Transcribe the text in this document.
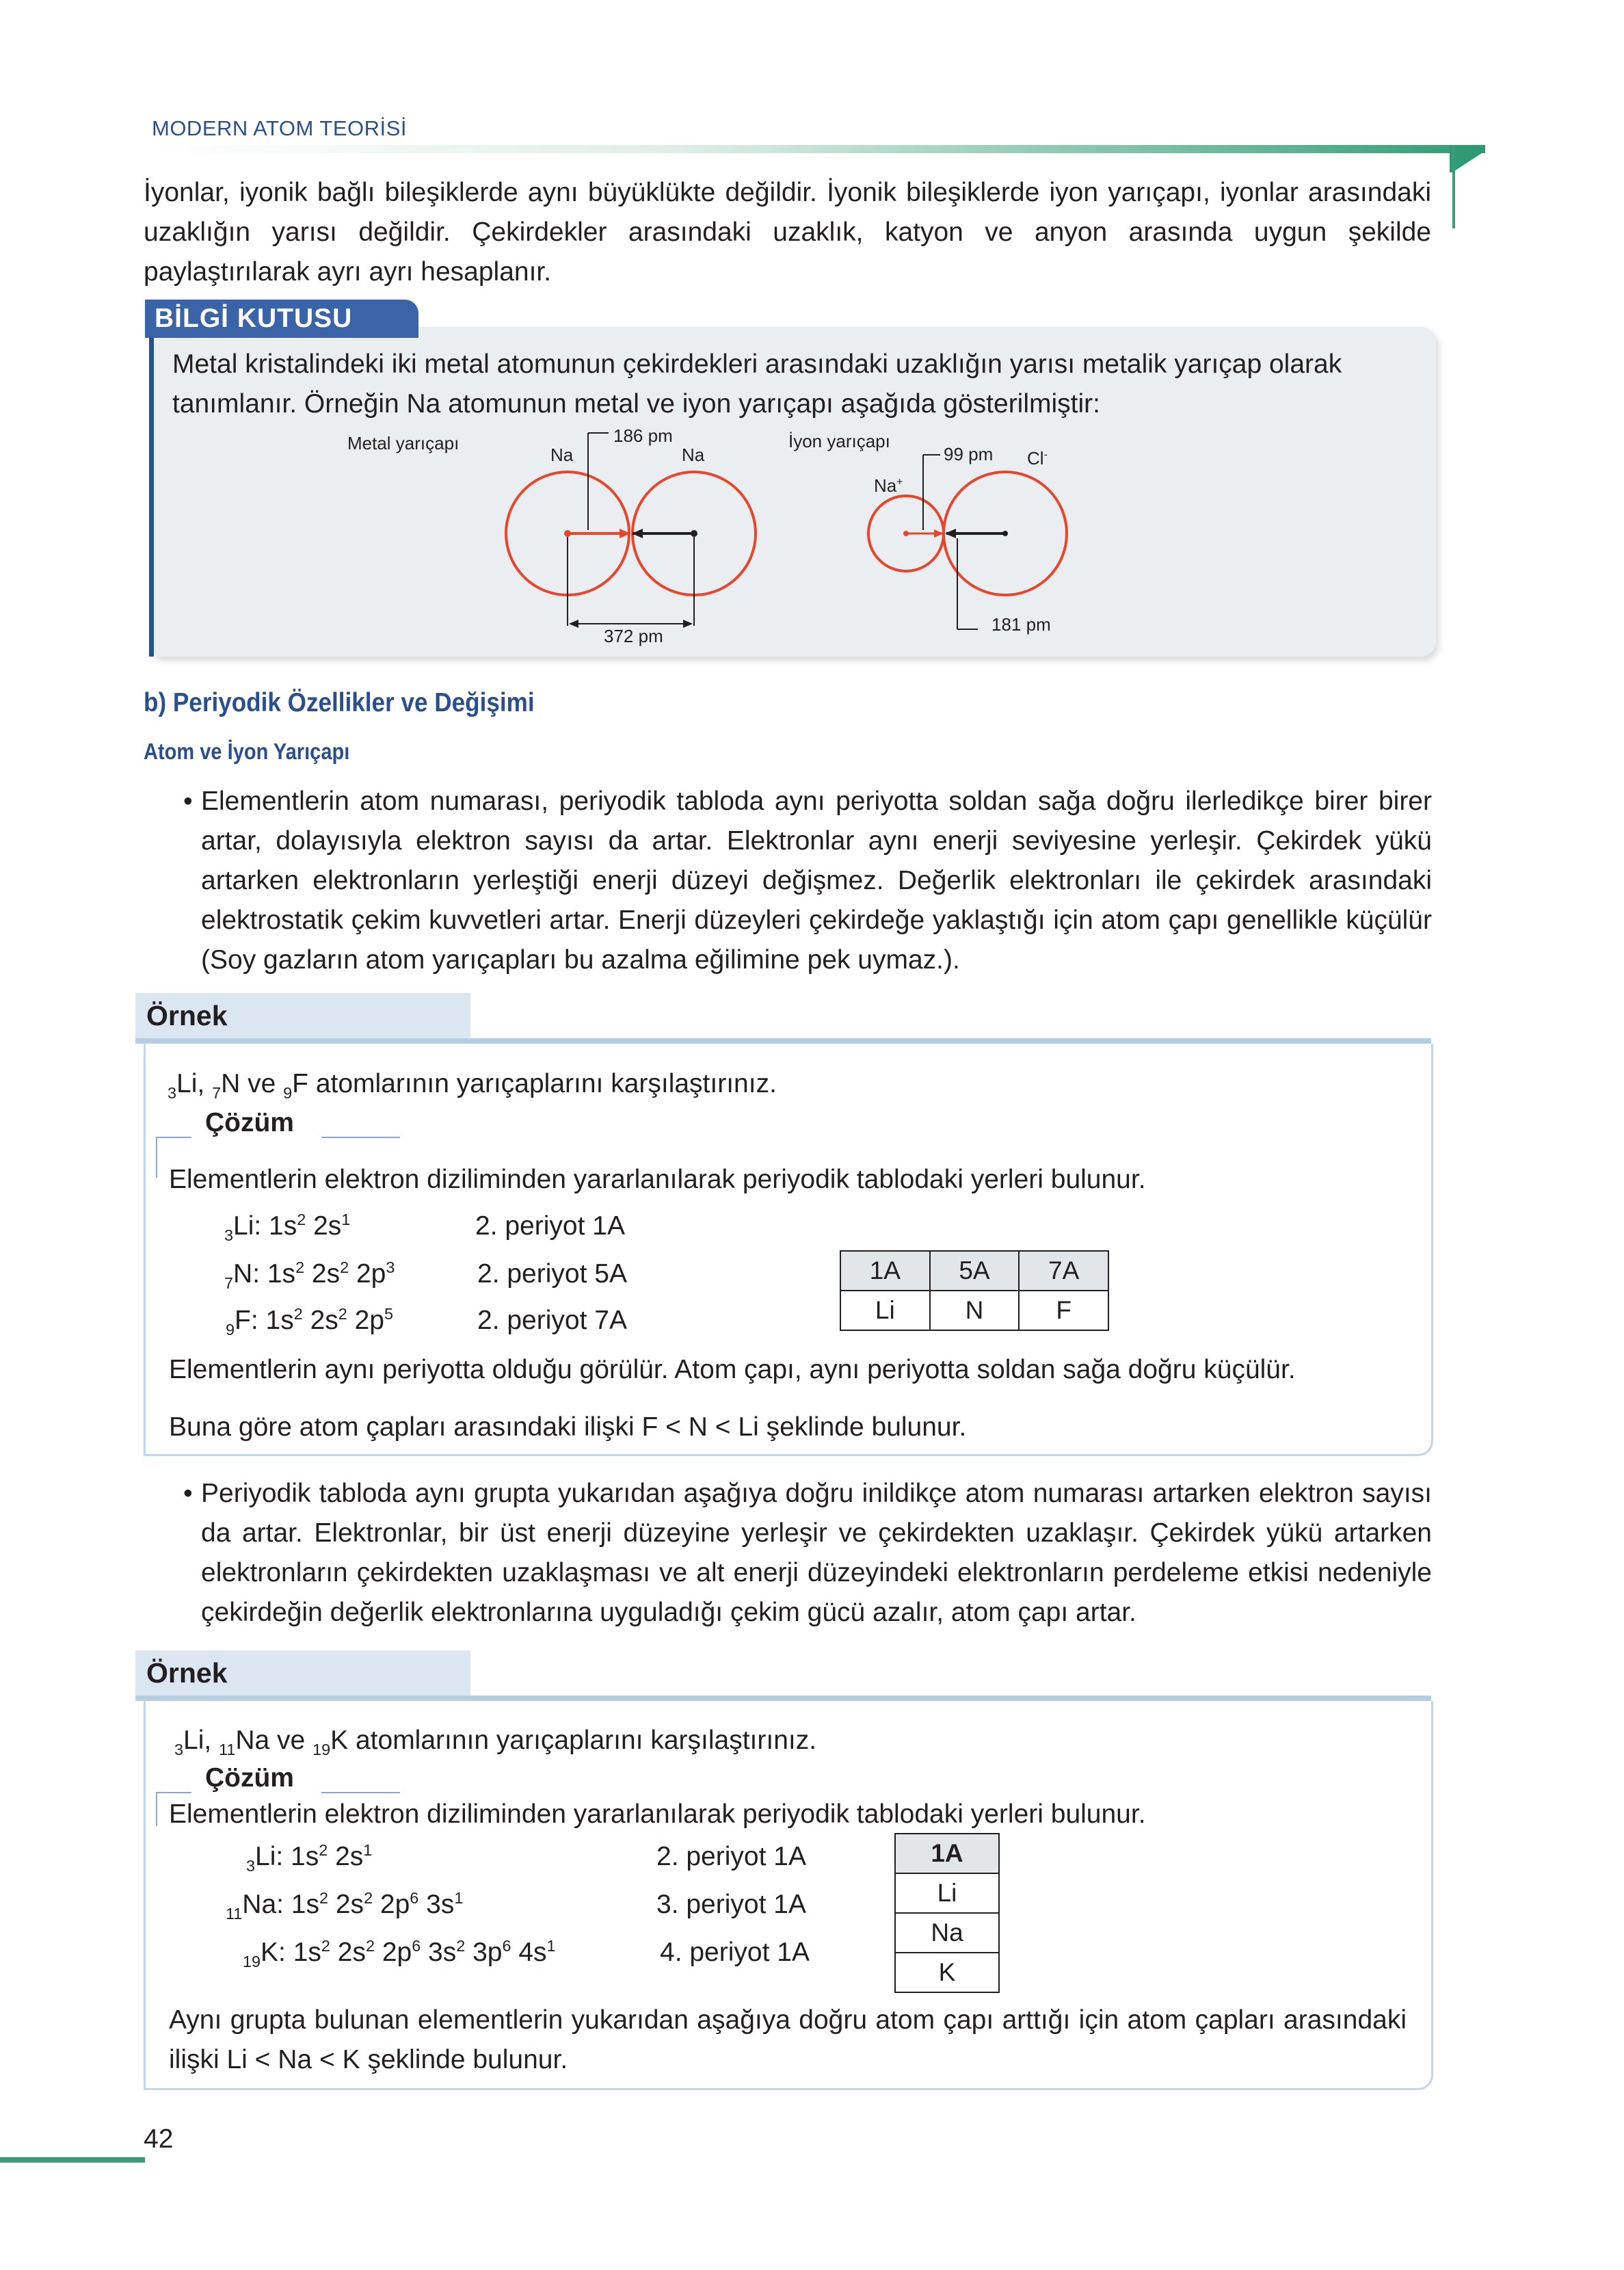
MODERN ATOM TEORİSİ

İyonlar, iyonik bağlı bileşiklerde aynı büyüklükte değildir. İyonik bileşiklerde iyon yarıçapı, iyonlar arasındaki uzaklığın yarısı değildir. Çekirdekler arasındaki uzaklık, katyon ve anyon arasında uygun şekilde paylaştırılarak ayrı ayrı hesaplanır.

BİLGİ KUTUSU

Metal kristalindeki iki metal atomunun çekirdekleri arasındaki uzaklığın yarısı metalik yarıçap olarak tanımlanır. Örneğin Na atomunun metal ve iyon yarıçapı aşağıda gösterilmiştir:

Metal yarıçapı
Na	Na
186 pm
372 pm
İyon yarıçapı
Na+
Cl-
99 pm
181 pm
b) Periyodik Özellikler ve Değişimi
Atom ve İyon Yarıçapı
• Elementlerin atom numarası, periyodik tabloda aynı periyotta soldan sağa doğru ilerledikçe birer birer artar, dolayısıyla elektron sayısı da artar. Elektronlar aynı enerji seviyesine yerleşir. Çekirdek yükü artarken elektronların yerleştiği enerji düzeyi değişmez. Değerlik elektronları ile çekirdek arasındaki elektrostatik çekim kuvvetleri artar. Enerji düzeyleri çekirdeğe yaklaştığı için atom çapı genellikle küçülür (Soy gazların atom yarıçapları bu azalma eğilimine pek uymaz.).

Örnek
$_3$Li, $_7$N ve $_9$F atomlarının yarıçaplarını karşılaştırınız.
Çözüm
Elementlerin elektron diziliminden yararlanılarak periyodik tablodaki yerleri bulunur.
$_3$Li: $1s^2$ $2s^1$	2. periyot 1A
$_7$N: $1s^2$ $2s^2$ $2p^3$	2. periyot 5A
$_9$F: $1s^2$ $2s^2$ $2p^5$	2. periyot 7A
1A	5A	7A
Li	N	F
Elementlerin aynı periyotta olduğu görülür. Atom çapı, aynı periyotta soldan sağa doğru küçülür.
Buna göre atom çapları arasındaki ilişki F < N < Li şeklinde bulunur.
• Periyodik tabloda aynı grupta yukarıdan aşağıya doğru inildikçe atom numarası artarken elektron sayısı da artar. Elektronlar, bir üst enerji düzeyine yerleşir ve çekirdekten uzaklaşır. Çekirdek yükü artarken elektronların çekirdekten uzaklaşması ve alt enerji düzeyindeki elektronların perdeleme etkisi nedeniyle çekirdeğin değerlik elektronlarına uyguladığı çekim gücü azalır, atom çapı artar.

Örnek
$_3$Li, $_{11}$Na ve $_{19}$K atomlarının yarıçaplarını karşılaştırınız.
Çözüm
Elementlerin elektron diziliminden yararlanılarak periyodik tablodaki yerleri bulunur.
$_3$Li: $1s^2$ $2s^1$	2. periyot 1A
$_{11}$Na: $1s^2$ $2s^2$ $2p^6$ $3s^1$	3. periyot 1A
$_{19}$K: $1s^2$ $2s^2$ $2p^6$ $3s^2$ $3p^6$ $4s^1$	4. periyot 1A
1A
Li
Na
K

Aynı grupta bulunan elementlerin yukarıdan aşağıya doğru atom çapı arttığı için atom çapları arasındaki ilişki Li < Na < K şeklinde bulunur.

42
